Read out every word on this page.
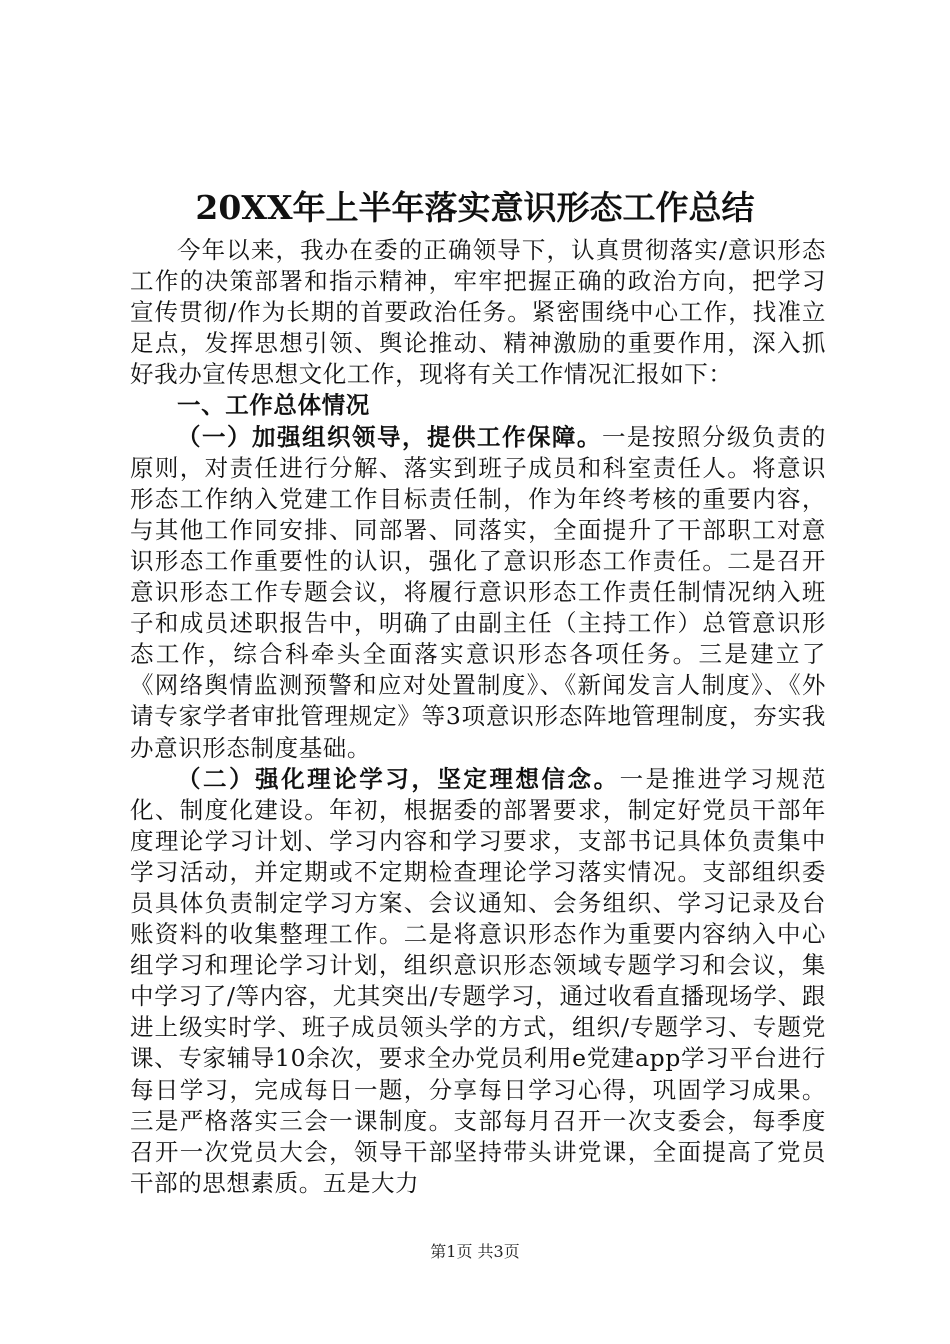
20XX年上半年落实意识形态工作总结

今年以来，我办在委的正确领导下，认真贯彻落实/意识形态工作的决策部署和指示精神，牢牢把握正确的政治方向，把学习宣传贯彻/作为长期的首要政治任务。紧密围绕中心工作，找准立足点，发挥思想引领、舆论推动、精神激励的重要作用，深入抓好我办宣传思想文化工作，现将有关工作情况汇报如下：

一、工作总体情况

（一）加强组织领导，提供工作保障。一是按照分级负责的原则，对责任进行分解、落实到班子成员和科室责任人。将意识形态工作纳入党建工作目标责任制，作为年终考核的重要内容，与其他工作同安排、同部署、同落实，全面提升了干部职工对意识形态工作重要性的认识，强化了意识形态工作责任。二是召开意识形态工作专题会议，将履行意识形态工作责任制情况纳入班子和成员述职报告中，明确了由副主任（主持工作）总管意识形态工作，综合科牵头全面落实意识形态各项任务。三是建立了《网络舆情监测预警和应对处置制度》、《新闻发言人制度》、《外请专家学者审批管理规定》等3项意识形态阵地管理制度，夯实我办意识形态制度基础。

（二）强化理论学习，坚定理想信念。一是推进学习规范化、制度化建设。年初，根据委的部署要求，制定好党员干部年度理论学习计划、学习内容和学习要求，支部书记具体负责集中学习活动，并定期或不定期检查理论学习落实情况。支部组织委员具体负责制定学习方案、会议通知、会务组织、学习记录及台账资料的收集整理工作。二是将意识形态作为重要内容纳入中心组学习和理论学习计划，组织意识形态领域专题学习和会议，集中学习了/等内容，尤其突出/专题学习，通过收看直播现场学、跟进上级实时学、班子成员领头学的方式，组织/专题学习、专题党课、专家辅导10余次，要求全办党员利用e党建app学习平台进行每日学习，完成每日一题，分享每日学习心得，巩固学习成果。三是严格落实三会一课制度。支部每月召开一次支委会，每季度召开一次党员大会，领导干部坚持带头讲党课，全面提高了党员干部的思想素质。五是大力

第1页 共3页
